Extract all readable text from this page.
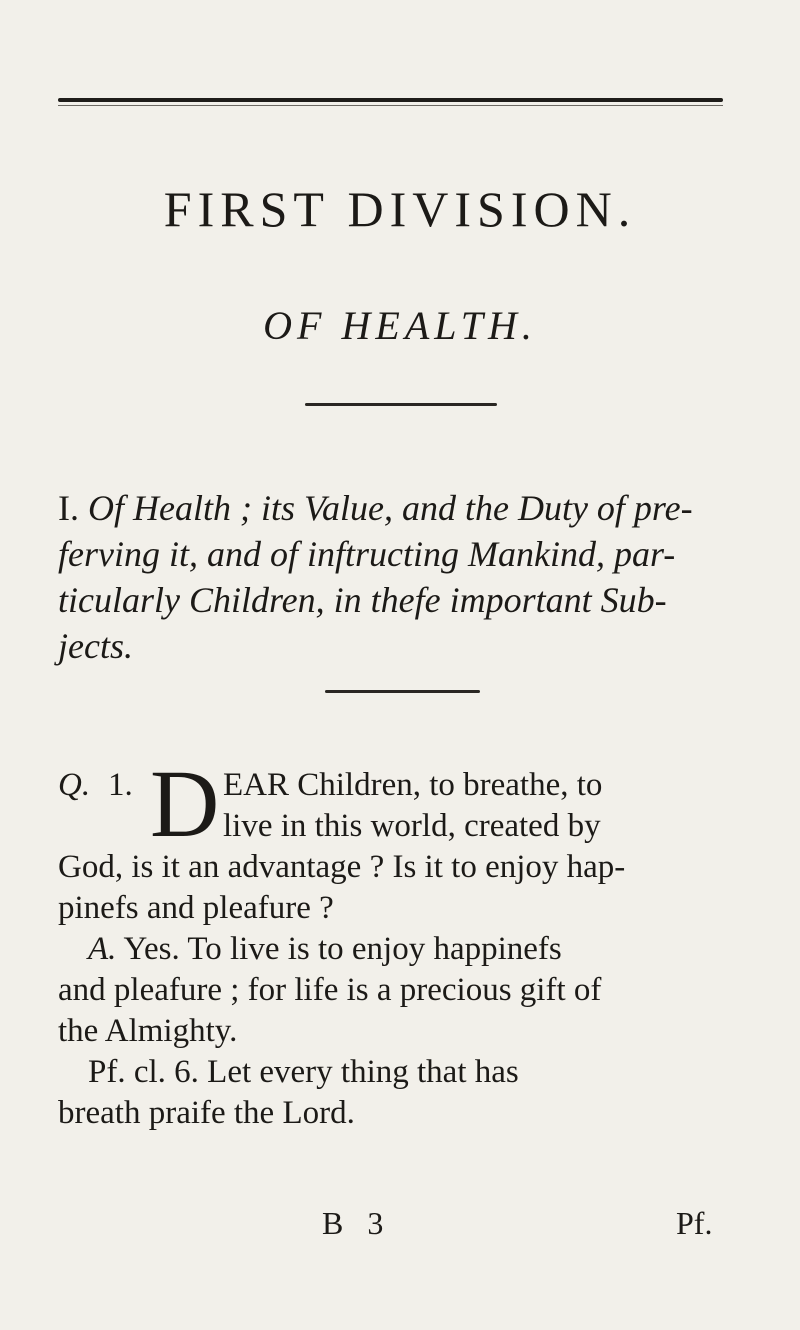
FIRST DIVISION.
OF HEALTH.
I. Of Health ; its Value, and the Duty of pre- ferving it, and of inftructing Mankind, par- ticularly Children, in thefe important Sub- jects.
Q. 1. D EAR Children, to breathe, to
live in this world, created by
God, is it an advantage ? Is it to enjoy hap-
pinefs and pleafure ?
A. Yes. To live is to enjoy happinefs
and pleafure ; for life is a precious gift of
the Almighty.
Pf. cl. 6. Let every thing that has
breath praife the Lord.
B 3	Pf.
